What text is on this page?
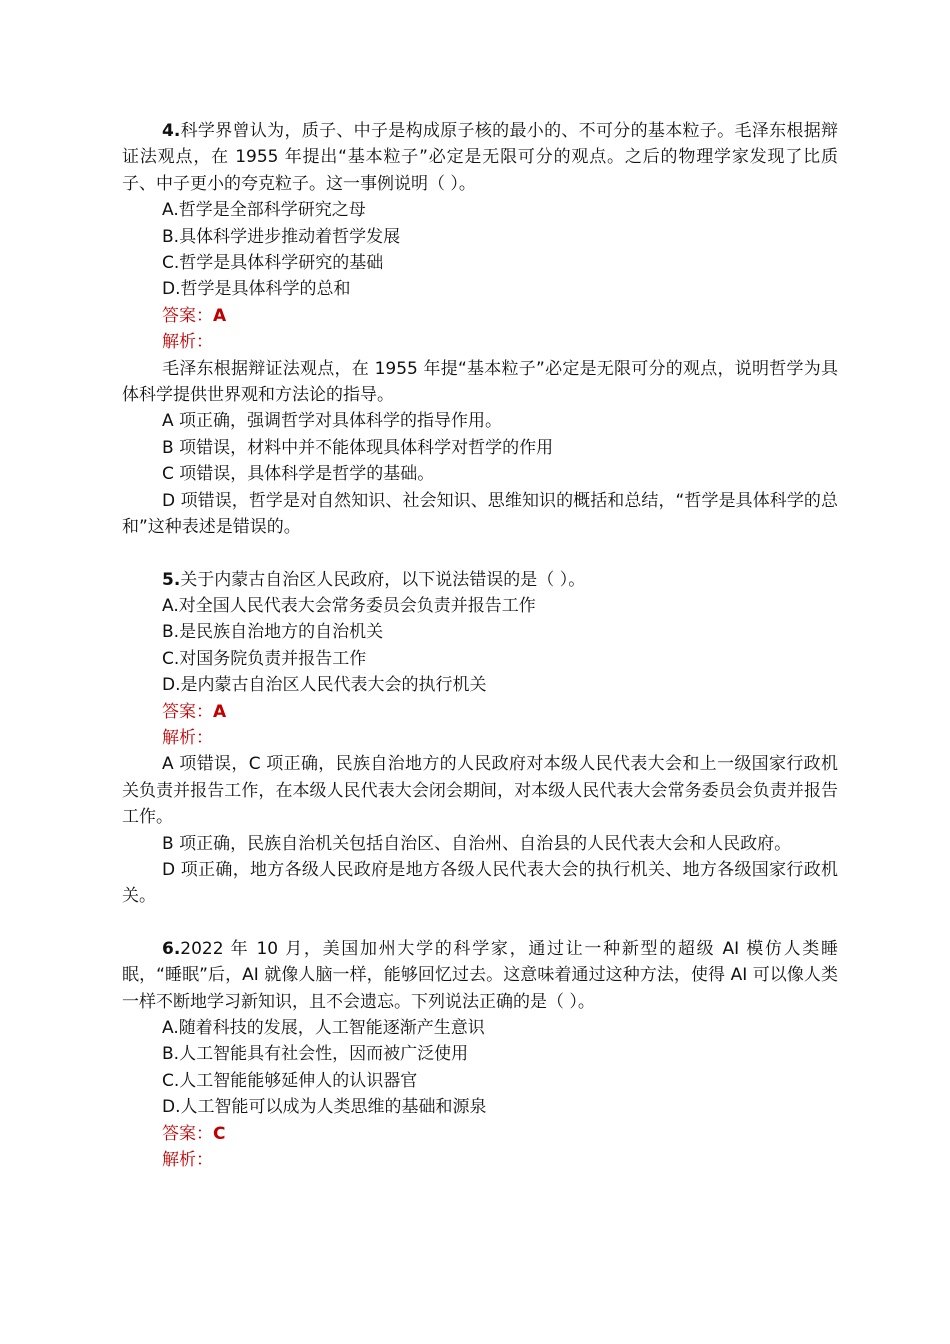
4.科学界曾认为，质子、中子是构成原子核的最小的、不可分的基本粒子。毛泽东根据辩证法观点，在 1955 年提出“基本粒子”必定是无限可分的观点。之后的物理学家发现了比质子、中子更小的夸克粒子。这一事例说明（ ）。

A.哲学是全部科学研究之母

B.具体科学进步推动着哲学发展

C.哲学是具体科学研究的基础

D.哲学是具体科学的总和

答案：A

解析：

毛泽东根据辩证法观点，在 1955 年提“基本粒子”必定是无限可分的观点，说明哲学为具体科学提供世界观和方法论的指导。

A 项正确，强调哲学对具体科学的指导作用。

B 项错误，材料中并不能体现具体科学对哲学的作用

C 项错误，具体科学是哲学的基础。

D 项错误，哲学是对自然知识、社会知识、思维知识的概括和总结，“哲学是具体科学的总和”这种表述是错误的。

5.关于内蒙古自治区人民政府，以下说法错误的是（ ）。

A.对全国人民代表大会常务委员会负责并报告工作

B.是民族自治地方的自治机关

C.对国务院负责并报告工作

D.是内蒙古自治区人民代表大会的执行机关

答案：A

解析：

A 项错误，C 项正确，民族自治地方的人民政府对本级人民代表大会和上一级国家行政机关负责并报告工作，在本级人民代表大会闭会期间，对本级人民代表大会常务委员会负责并报告工作。

B 项正确，民族自治机关包括自治区、自治州、自治县的人民代表大会和人民政府。

D 项正确，地方各级人民政府是地方各级人民代表大会的执行机关、地方各级国家行政机关。

6.2022 年 10 月，美国加州大学的科学家，通过让一种新型的超级 AI 模仿人类睡眠，“睡眠”后，AI 就像人脑一样，能够回忆过去。这意味着通过这种方法，使得 AI 可以像人类一样不断地学习新知识，且不会遗忘。下列说法正确的是（ ）。

A.随着科技的发展，人工智能逐渐产生意识

B.人工智能具有社会性，因而被广泛使用

C.人工智能能够延伸人的认识器官

D.人工智能可以成为人类思维的基础和源泉

答案：C

解析：
